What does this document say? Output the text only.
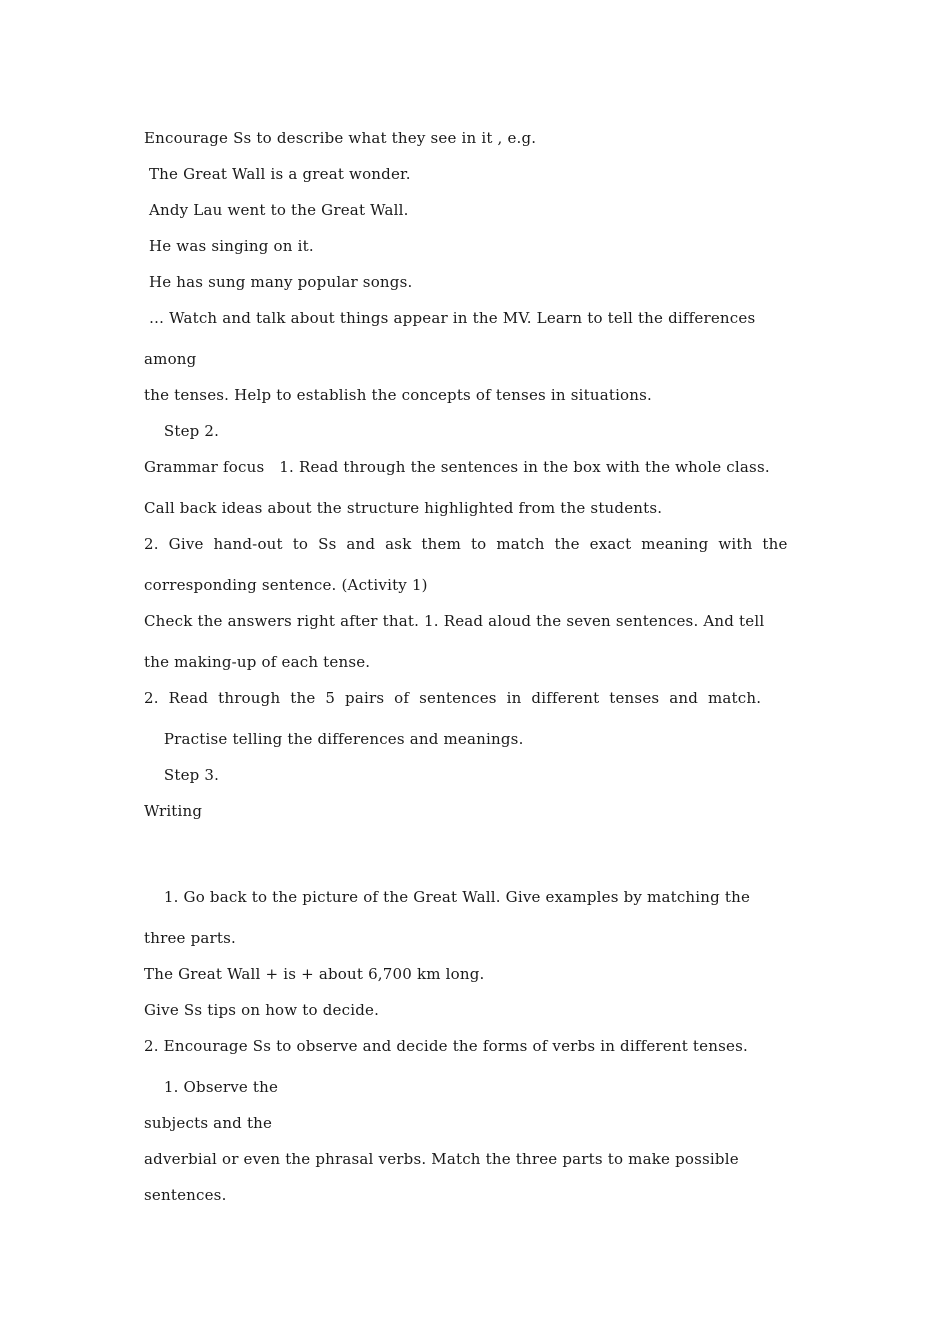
Encourage Ss to describe what they see in it , e.g.
The Great Wall is a great wonder.
Andy Lau went to the Great Wall.
He was singing on it.
He has sung many popular songs.
… Watch and talk about things appear in the MV. Learn to tell the differences
among
the tenses. Help to establish the concepts of tenses in situations.
Step 2.
Grammar focus   1. Read through the sentences in the box with the whole class.
Call back ideas about the structure highlighted from the students.
2.  Give  hand-out  to  Ss  and  ask  them  to  match  the  exact  meaning  with  the
corresponding sentence. (Activity 1)
Check the answers right after that. 1. Read aloud the seven sentences. And tell
the making-up of each tense.
2.  Read  through  the  5  pairs  of  sentences  in  different  tenses  and  match.
Practise telling the differences and meanings.
Step 3.
Writing
1. Go back to the picture of the Great Wall. Give examples by matching the
three parts.
The Great Wall + is + about 6,700 km long.
Give Ss tips on how to decide.
2. Encourage Ss to observe and decide the forms of verbs in different tenses.
1. Observe the
subjects and the
adverbial or even the phrasal verbs. Match the three parts to make possible
sentences.
